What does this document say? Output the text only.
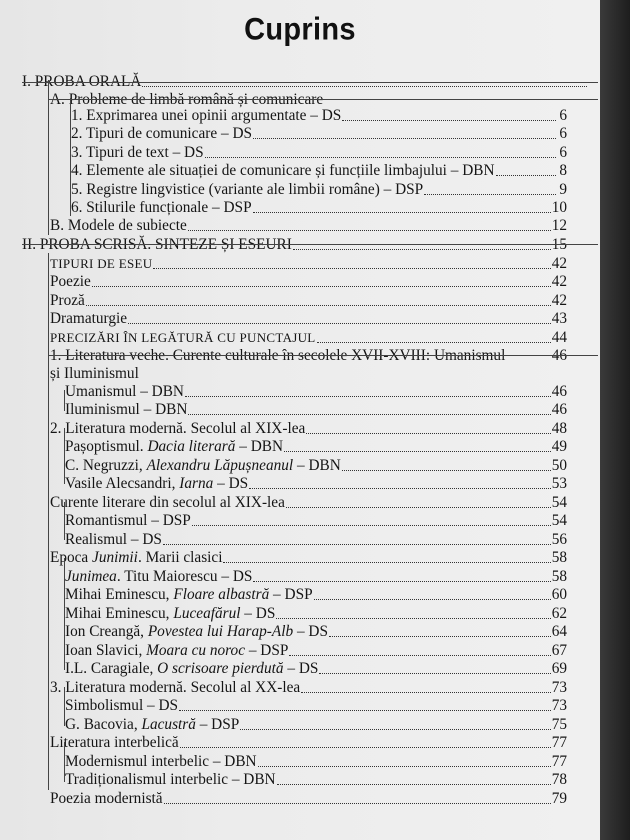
Cuprins
I. PROBA ORALĂ
A. Probleme de limbă română și comunicare
1. Exprimarea unei opinii argumentate – DS	6
2. Tipuri de comunicare – DS	6
3. Tipuri de text – DS	6
4. Elemente ale situației de comunicare și funcțiile limbajului – DBN	8
5. Registre lingvistice (variante ale limbii române) – DSP	9
6. Stilurile funcționale – DSP	10
B. Modele de subiecte	12
II. PROBA SCRISĂ. SINTEZE ȘI ESEURI	15
TIPURI DE ESEU	42
Poezie	42
Proză	42
Dramaturgie	43
PRECIZĂRI ÎN LEGĂTURĂ CU PUNCTAJUL	44
1. Literatura veche. Curente culturale în secolele XVII-XVIII: Umanismul	46
și Iluminismul
Umanismul – DBN	46
Iluminismul – DBN	46
2. Literatura modernă. Secolul al XIX-lea	48
Pașoptismul. Dacia literară – DBN	49
C. Negruzzi, Alexandru Lăpușneanul – DBN	50
Vasile Alecsandri, Iarna – DS	53
Curente literare din secolul al XIX-lea	54
Romantismul – DSP	54
Realismul – DS	56
Epoca Junimii. Marii clasici	58
Junimea. Titu Maiorescu – DS	58
Mihai Eminescu, Floare albastră – DSP	60
Mihai Eminescu, Luceafărul – DS	62
Ion Creangă, Povestea lui Harap-Alb – DS	64
Ioan Slavici, Moara cu noroc – DSP	67
I.L. Caragiale, O scrisoare pierdută – DS	69
3. Literatura modernă. Secolul al XX-lea	73
Simbolismul – DS	73
G. Bacovia, Lacustră – DSP	75
Literatura interbelică	77
Modernismul interbelic – DBN	77
Tradiționalismul interbelic – DBN	78
Poezia modernistă	79
